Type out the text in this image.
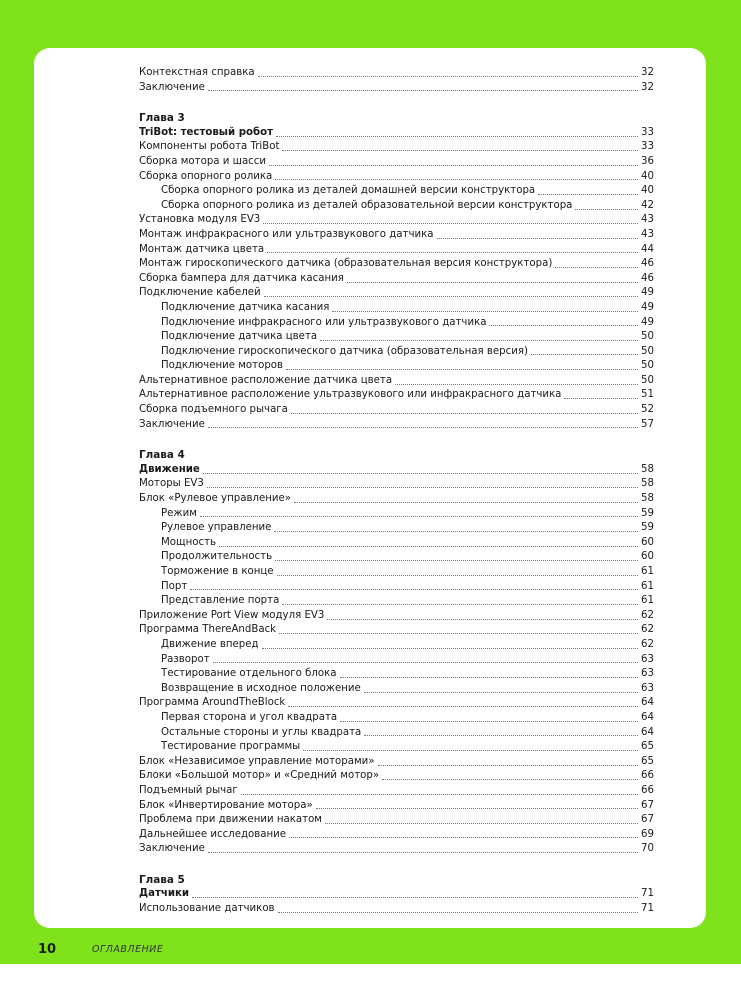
Контекстная справка	32
Заключение	32
Глава 3
TriBot: тестовый робот	33
Компоненты робота TriBot	33
Сборка мотора и шасси	36
Сборка опорного ролика	40
Сборка опорного ролика из деталей домашней версии конструктора	40
Сборка опорного ролика из деталей образовательной версии конструктора	42
Установка модуля EV3	43
Монтаж инфракрасного или ультразвукового датчика	43
Монтаж датчика цвета	44
Монтаж гироскопического датчика (образовательная версия конструктора)	46
Сборка бампера для датчика касания	46
Подключение кабелей	49
Подключение датчика касания	49
Подключение инфракрасного или ультразвукового датчика	49
Подключение датчика цвета	50
Подключение гироскопического датчика (образовательная версия)	50
Подключение моторов	50
Альтернативное расположение датчика цвета	50
Альтернативное расположение ультразвукового или инфракрасного датчика	51
Сборка подъемного рычага	52
Заключение	57
Глава 4
Движение	58
Моторы EV3	58
Блок «Рулевое управление»	58
Режим	59
Рулевое управление	59
Мощность	60
Продолжительность	60
Торможение в конце	61
Порт	61
Представление порта	61
Приложение Port View модуля EV3	62
Программа ThereAndBack	62
Движение вперед	62
Разворот	63
Тестирование отдельного блока	63
Возвращение в исходное положение	63
Программа AroundTheBlock	64
Первая сторона и угол квадрата	64
Остальные стороны и углы квадрата	64
Тестирование программы	65
Блок «Независимое управление моторами»	65
Блоки «Большой мотор» и «Средний мотор»	66
Подъемный рычаг	66
Блок «Инвертирование мотора»	67
Проблема при движении накатом	67
Дальнейшее исследование	69
Заключение	70
Глава 5
Датчики	71
Использование датчиков	71
10	ОГЛАВЛЕНИЕ
